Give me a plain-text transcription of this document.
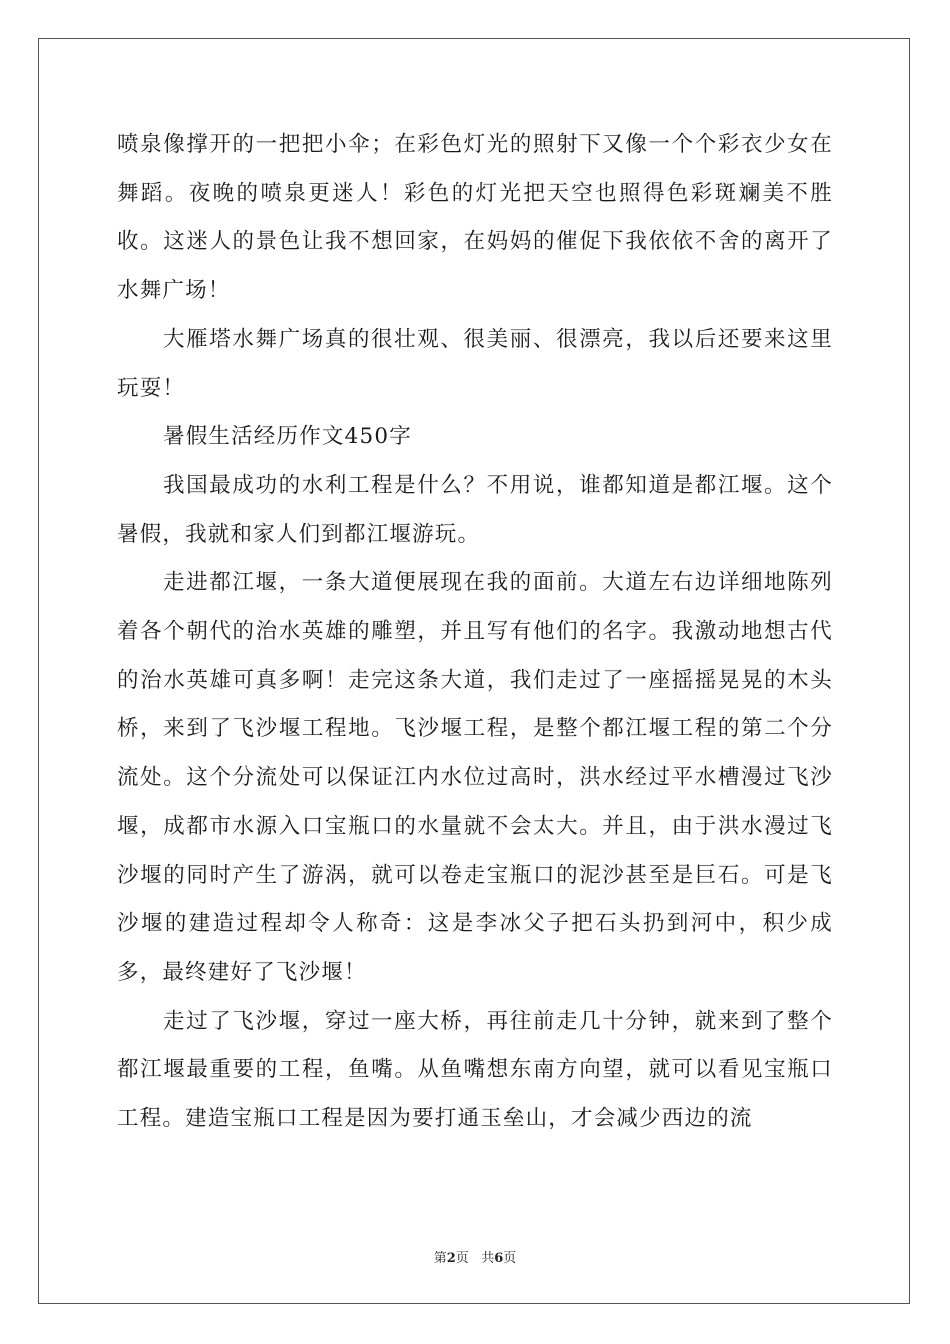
喷泉像撑开的一把把小伞；在彩色灯光的照射下又像一个个彩衣少女在舞蹈。夜晚的喷泉更迷人！彩色的灯光把天空也照得色彩斑斓美不胜收。这迷人的景色让我不想回家，在妈妈的催促下我依依不舍的离开了水舞广场！

大雁塔水舞广场真的很壮观、很美丽、很漂亮，我以后还要来这里玩耍！

暑假生活经历作文450字

我国最成功的水利工程是什么？不用说，谁都知道是都江堰。这个暑假，我就和家人们到都江堰游玩。

走进都江堰，一条大道便展现在我的面前。大道左右边详细地陈列着各个朝代的治水英雄的雕塑，并且写有他们的名字。我激动地想古代的治水英雄可真多啊！走完这条大道，我们走过了一座摇摇晃晃的木头桥，来到了飞沙堰工程地。飞沙堰工程，是整个都江堰工程的第二个分流处。这个分流处可以保证江内水位过高时，洪水经过平水槽漫过飞沙堰，成都市水源入口宝瓶口的水量就不会太大。并且，由于洪水漫过飞沙堰的同时产生了游涡，就可以卷走宝瓶口的泥沙甚至是巨石。可是飞沙堰的建造过程却令人称奇：这是李冰父子把石头扔到河中，积少成多，最终建好了飞沙堰！

走过了飞沙堰，穿过一座大桥，再往前走几十分钟，就来到了整个都江堰最重要的工程，鱼嘴。从鱼嘴想东南方向望，就可以看见宝瓶口工程。建造宝瓶口工程是因为要打通玉垒山，才会减少西边的流

第2页 共6页
